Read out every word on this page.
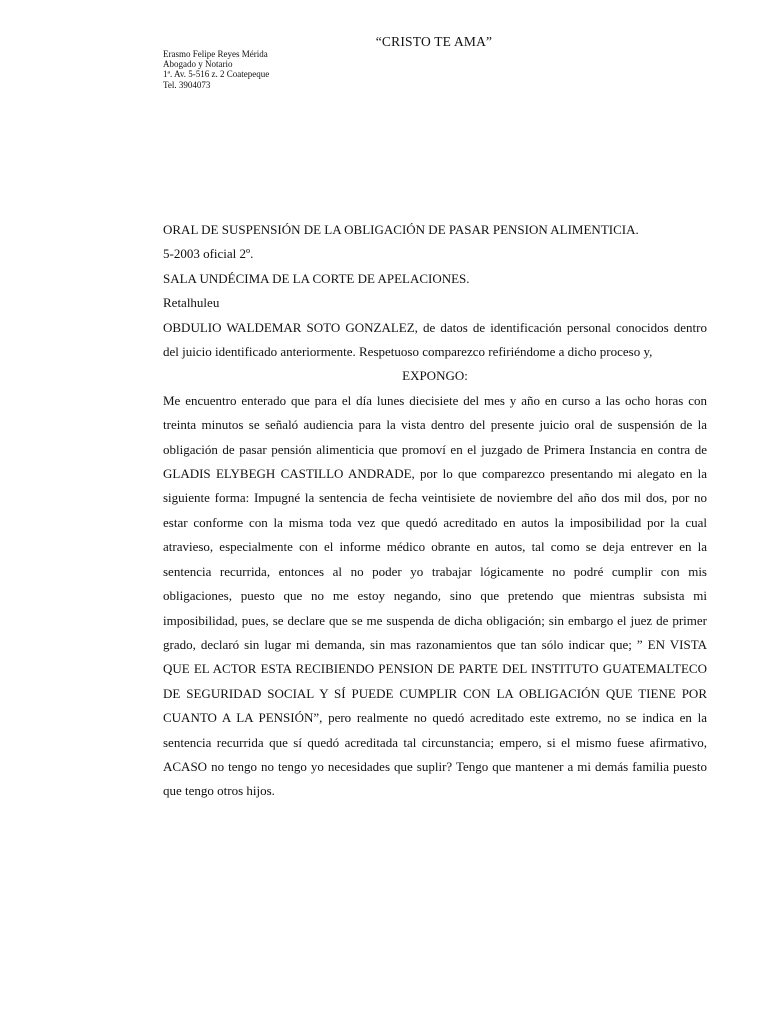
“CRISTO TE AMA”
Erasmo Felipe Reyes Mérida
Abogado y Notario
1ª. Av. 5-516 z. 2 Coatepeque
Tel. 3904073

ORAL DE SUSPENSIÓN DE LA OBLIGACIÓN DE PASAR PENSION ALIMENTICIA.

5-2003 oficial 2º.

SALA UNDÉCIMA DE LA CORTE DE APELACIONES.

Retalhuleu

OBDULIO WALDEMAR SOTO GONZALEZ, de datos de identificación personal conocidos dentro del juicio identificado anteriormente. Respetuoso comparezco refiriéndome a dicho proceso y,

EXPONGO:

Me encuentro enterado que para el día lunes diecisiete del mes y año en curso a las ocho horas con treinta minutos se señaló audiencia para la vista dentro del presente juicio oral de suspensión de la obligación de pasar pensión alimenticia que promoví en el juzgado de Primera Instancia en contra de GLADIS ELYBEGH CASTILLO ANDRADE, por lo que comparezco presentando mi alegato en la siguiente forma: Impugné la sentencia de fecha veintisiete de noviembre del año dos mil dos, por no estar conforme con la misma toda vez que quedó acreditado en autos la imposibilidad por la cual atravieso, especialmente con el informe médico obrante en autos, tal como se deja entrever en la sentencia recurrida, entonces al no poder yo trabajar lógicamente no podré cumplir con mis obligaciones, puesto que no me estoy negando, sino que pretendo que mientras subsista mi imposibilidad, pues, se declare que se me suspenda de dicha obligación; sin embargo el juez de primer grado, declaró sin lugar mi demanda, sin mas razonamientos que tan sólo indicar que; ” EN VISTA QUE EL ACTOR ESTA RECIBIENDO PENSION DE PARTE DEL INSTITUTO GUATEMALTECO DE SEGURIDAD SOCIAL Y SÍ PUEDE CUMPLIR CON LA OBLIGACIÓN QUE TIENE POR CUANTO A LA PENSIÓN”, pero realmente no quedó acreditado este extremo, no se indica en la sentencia recurrida que sí quedó acreditada tal circunstancia; empero, si el mismo fuese afirmativo, ACASO no tengo no tengo yo necesidades que suplir? Tengo que mantener a mi demás familia puesto que tengo otros hijos.
